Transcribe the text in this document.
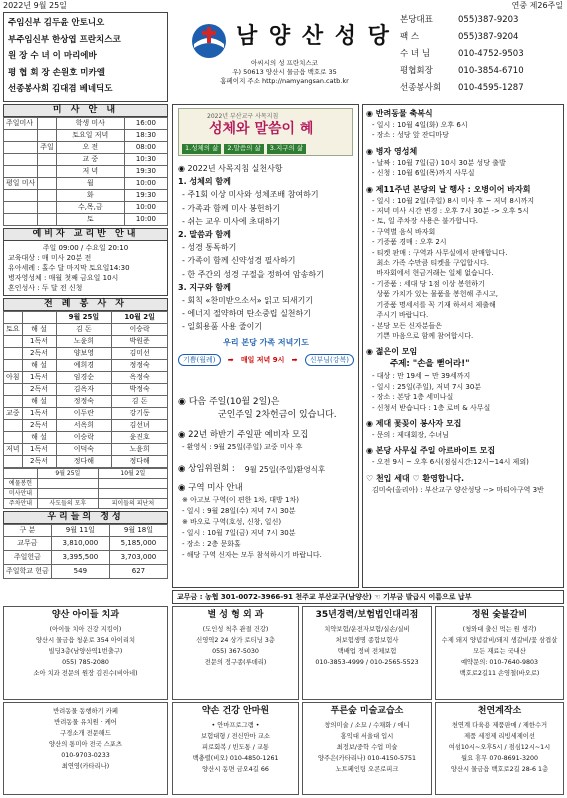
2022년 9월 25일	연중 제26주일
주임신부 김두윤 안토니오
부주임신부 한상엽 프란치스코
원 장 수 녀 이 마리에바
평 협 회 장 손원호 미카엘
선종봉사회 김대겸 베네딕도
남 양 산 성 당
아씨시의 성 프란치스코
우) 50613 양산시 물금읍 백호로 35
홈페이지 주소 http://namyangsan.catb.kr
본당대표	055)387-9203
팩 스	055)387-9204
수 녀 님	010-4752-9503
평협회장	010-3854-6710
선종봉사회	010-4595-1287
미 사 안 내
주일미사		학생 미사	16:00
		토요일 저녁	18:30
	주일	오 전	08:00
		교 중	10:30
		저 녁	19:30
평일 미사		월	10:00
		화	19:30
		수,목,금	10:00
		토	10:00
예비자 교리반 안내
주일 09:00 / 수요일 20:10
교육대상 : 매 미사 20분 전
유아세례 : 홀수 달 마지막 토요일14:30
병자영성체 : 매월 첫째 금요일 10시
혼인성사 : 두 달 전 신청
전 례 봉 사 자
		9월 25일	10월 2일
토요	해 설	김 돈	이승락
	1독서	노윤희	박원준
	2독서	양보영	김미선
	해 설	예희경	정정숙
아침	1독서	임경순	옥정숙
	2독서	김옥자	박정숙
	해 설	정정숙	김 돈
교중	1독서	이두란	강기동
	2독서	서옥희	김선녀
	해 설	이승락	윤진호
저녁	1독서	이덕숙	노윤희
	2독서	정다해	정다해
	9월 25일	10월 2일
예물봉헌		
미사안내		
주차안내	사도들의 모후	피이들의 피난처
우리들의 정성
구 분	9월 11일	9월 18일
교무금	3,810,000	5,185,000
주일헌금	3,395,500	3,703,000
주일학교 헌금	549	627
2022년 부산교구 사목지침
성체와 말씀이 혜
1.성체의 삶	2.말씀의 삶	3.지구의 삶
◉ 2022년 사목지침 실천사항
1. 성체의 함께
- 주1회 이상 미사와 성체조배 참여하기
- 가족과 함께 미사 봉헌하기
- 쉬는 교우 미사에 초대하기
2. 말씀과 함께
- 성경 통독하기
- 가족이 함께 신약성경 필사하기
- 한 주간의 성경 구절을 정하여 암송하기
3. 지구와 함께
- 회칙 «찬미받으소서» 읽고 되새기기
- 에너지 절약하며 탄소중립 실천하기
- 일회용품 사용 줄이기
우리 본당 가족 저녁기도
기쁨(월례)	➡ 매일 저녁 9시 ➡	신부님(강복)
◉ 다음 주일(10월 2일)은
군인주일 2차헌금이 있습니다.
◉ 22년 하반기 주일판 예비자 모집
- 환영식 : 9월 25일(주일) 교중 미사 후
◉ 상임위원회 : 9월 25일(주일)환영식후
◉ 구역 미사 안내
※ 아고보 구역(이 편한 1차, 대방 1차)
- 일시 : 9월 28일(수) 저녁 7시 30분
※ 바오로 구역(호성, 신창, 일신)
- 일시 : 10월 7일(금) 저녁 7시 30분
- 장소 : 2층 문화홀
- 해당 구역 신자는 모두 참석하시기 바랍니다.
◉ 반려동물 축복식
- 일시 : 10월 4일(화) 오후 6시
- 장소 : 성당 앞 잔디마당
◉ 병자 영성체
- 날짜 : 10월 7일(금) 10시 30분 성당 출발
- 신청 : 10월 6일(목)까지 사무실
◉ 제11주년 본당의 날 행사 : 오병이어 바자회
- 일시 : 10월 2일(주일) 8시 미사 후 ~ 저녁 8시까지
- 저녁 미사 시간 변경 : 오후 7시 30분 -> 오후 5시
- 토, 일 주차장 사용은 불가합니다.
- 구역별 음식 바자회
- 기증품 경매 : 오후 2시
- 티켓 판매 : 구역과 사무실에서 판매합니다.
최소 가족 수만큼 티켓을 구입합시다.
바자회에서 현금거래는 일체 없습니다.
- 기증품 : 세대 당 1점 이상 봉헌하기
상품 가치가 있는 물품을 봉헌해 주시고,
기증품 명세서를 꼭 기재 하셔서 제출해
주시기 바랍니다.
- 본당 모든 신자분들은
기쁜 마음으로 함께 참여합시다.
◉ 젊은이 모임
주제: "손을 뻗어라!"
- 대상 : 만 19세 ~ 만 39세까지
- 일시 : 25일(주일), 저녁 7시 30분
- 장소 : 본당 1층 세미나실
- 신청서 받습니다 : 1층 로비 & 사무실
◉ 제대 꽃꽂이 봉사자 모집
- 문의 : 제대회장, 수녀님
◉ 본당 사무실 주일 아르바이트 모집
- 오전 9시 ~ 오후 6시(점심시간:12시~14시 제외)
♡ 천입 세대 ♡ 환영합니다.
김미숙(올리아) : 부산교구 양산성당 --> 마티아구역 3반
교무금 : 농협 301-0072-3966-91 천주교 부산교구(남양산) ☜ 기부금 발급시 이름으로 납부
양산 아이들 치과
(아이들 치아 건강 지킴이)
양산시 물금읍 청운로 354 아이리치
빌딩3층(남양산역1번출구)
055) 785-2080
소아 치과 전문의 원장 김진수(비아네)
별 성 형 외 과
(도인성 척추 관절 건강)
신영역2 24 상가 로티닝 3층
055) 367-5030
전문의 정구종(루데리)
35년경력/보험법인대리점
치약보험/운전자보험/실손/실비
처보험생명 종합보험사
택배업 정비 전체보험
010-3853-4999 / 010-2565-5523
정원 숯불갈비
(청와대 출신 먹는 원 생각)
수제 돼지 양념갈비/돼지 생갈비/꽃 삼겹살
모든 재료는 국내산
예약문의: 010-7640-9803
백호로2길11 손영철(바오로)
반려동물 동행하기 카페
반려동물 유치원 · 케어
구경소개 전문해드
양산의 통미아 전국 스포츠
010-9703-0233
최연영(카타리나)
약손 건강 안마원
• 안마프로그램 •
보험대형 / 전신안마 교소
피로회복 / 빈도통 / 교통
백충렬(비오) 010-4850-1261
양산시 동면 금오4길 66
푸른숲 미술교습소
창의미술 / 소묘 / 수채화 / 애니
홍익대 서울대 입시
최정보/중학 수업 미술
양주은(카타리나) 010-4150-5751
노트페인팅 오콘로피크
천연계작소
천연계 다육용 제품판매 / 제한수거
제품 세정제 리빙세제이선
여섬10시~오후5시 / 점심12시~1시
월요 휴무 070-8691-3200
양산시 물금읍 백호로2길 28-6 1층
